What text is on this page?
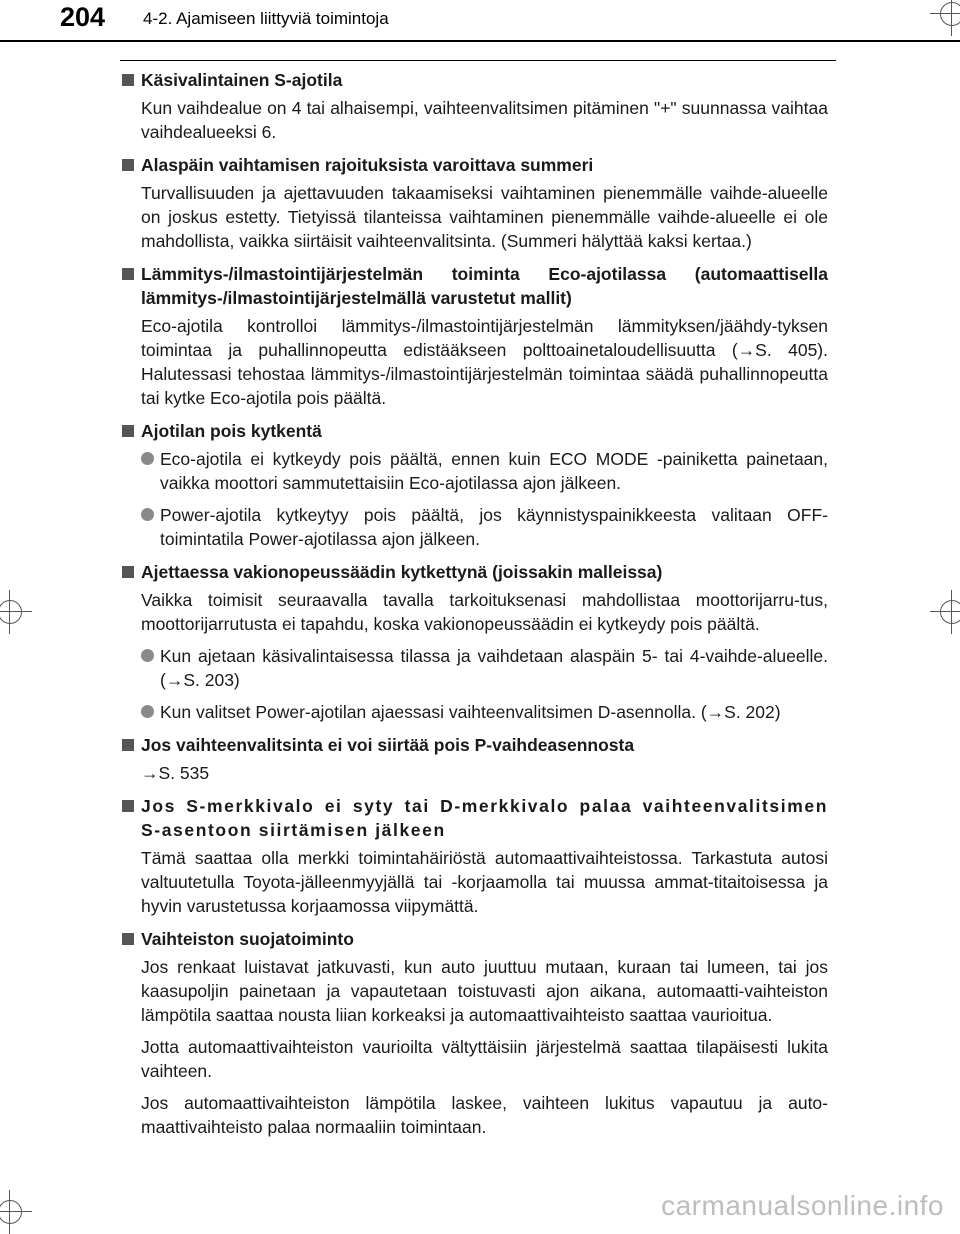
204 4-2. Ajamiseen liittyviä toimintoja
Käsivalintainen S-ajotila
Kun vaihdealue on 4 tai alhaisempi, vaihteenvalitsimen pitäminen "+" suunnassa vaihtaa vaihdealueeksi 6.
Alaspäin vaihtamisen rajoituksista varoittava summeri
Turvallisuuden ja ajettavuuden takaamiseksi vaihtaminen pienemmälle vaihde-alueelle on joskus estetty. Tietyissä tilanteissa vaihtaminen pienemmälle vaihde-alueelle ei ole mahdollista, vaikka siirtäisit vaihteenvalitsinta. (Summeri hälyttää kaksi kertaa.)
Lämmitys-/ilmastointijärjestelmän toiminta Eco-ajotilassa (automaattisella lämmitys-/ilmastointijärjestelmällä varustetut mallit)
Eco-ajotila kontrolloi lämmitys-/ilmastointijärjestelmän lämmityksen/jäähdy-tyksen toimintaa ja puhallinnopeutta edistääkseen polttoainetaloudellisuutta (→S. 405). Halutessasi tehostaa lämmitys-/ilmastointijärjestelmän toimintaa säädä puhallinnopeutta tai kytke Eco-ajotila pois päältä.
Ajotilan pois kytkentä
Eco-ajotila ei kytkeydy pois päältä, ennen kuin ECO MODE -painiketta painetaan, vaikka moottori sammutettaisiin Eco-ajotilassa ajon jälkeen.
Power-ajotila kytkeytyy pois päältä, jos käynnistyspainikkeesta valitaan OFF-toimintatila Power-ajotilassa ajon jälkeen.
Ajettaessa vakionopeussäädin kytkettynä (joissakin malleissa)
Vaikka toimisit seuraavalla tavalla tarkoituksenasi mahdollistaa moottorijarru-tus, moottorijarrutusta ei tapahdu, koska vakionopeussäädin ei kytkeydy pois päältä.
Kun ajetaan käsivalintaisessa tilassa ja vaihdetaan alaspäin 5- tai 4-vaihde-alueelle. (→S. 203)
Kun valitset Power-ajotilan ajaessasi vaihteenvalitsimen D-asennolla. (→S. 202)
Jos vaihteenvalitsinta ei voi siirtää pois P-vaihdeasennosta
→S. 535
Jos S-merkkivalo ei syty tai D-merkkivalo palaa vaihteenvalitsimen S-asentoon siirtämisen jälkeen
Tämä saattaa olla merkki toimintahäiriöstä automaattivaihteistossa. Tarkastuta autosi valtuutetulla Toyota-jälleenmyyjällä tai -korjaamolla tai muussa ammat-titaitoisessa ja hyvin varustetussa korjaamossa viipymättä.
Vaihteiston suojatoiminto
Jos renkaat luistavat jatkuvasti, kun auto juuttuu mutaan, kuraan tai lumeen, tai jos kaasupoljin painetaan ja vapautetaan toistuvasti ajon aikana, automaatti-vaihteiston lämpötila saattaa nousta liian korkeaksi ja automaattivaihteisto saattaa vaurioitua.
Jotta automaattivaihteiston vaurioilta vältyttäisiin järjestelmä saattaa tilapäisesti lukita vaihteen.
Jos automaattivaihteiston lämpötila laskee, vaihteen lukitus vapautuu ja auto-maattivaihteisto palaa normaaliin toimintaan.
carmanualsonline.info
